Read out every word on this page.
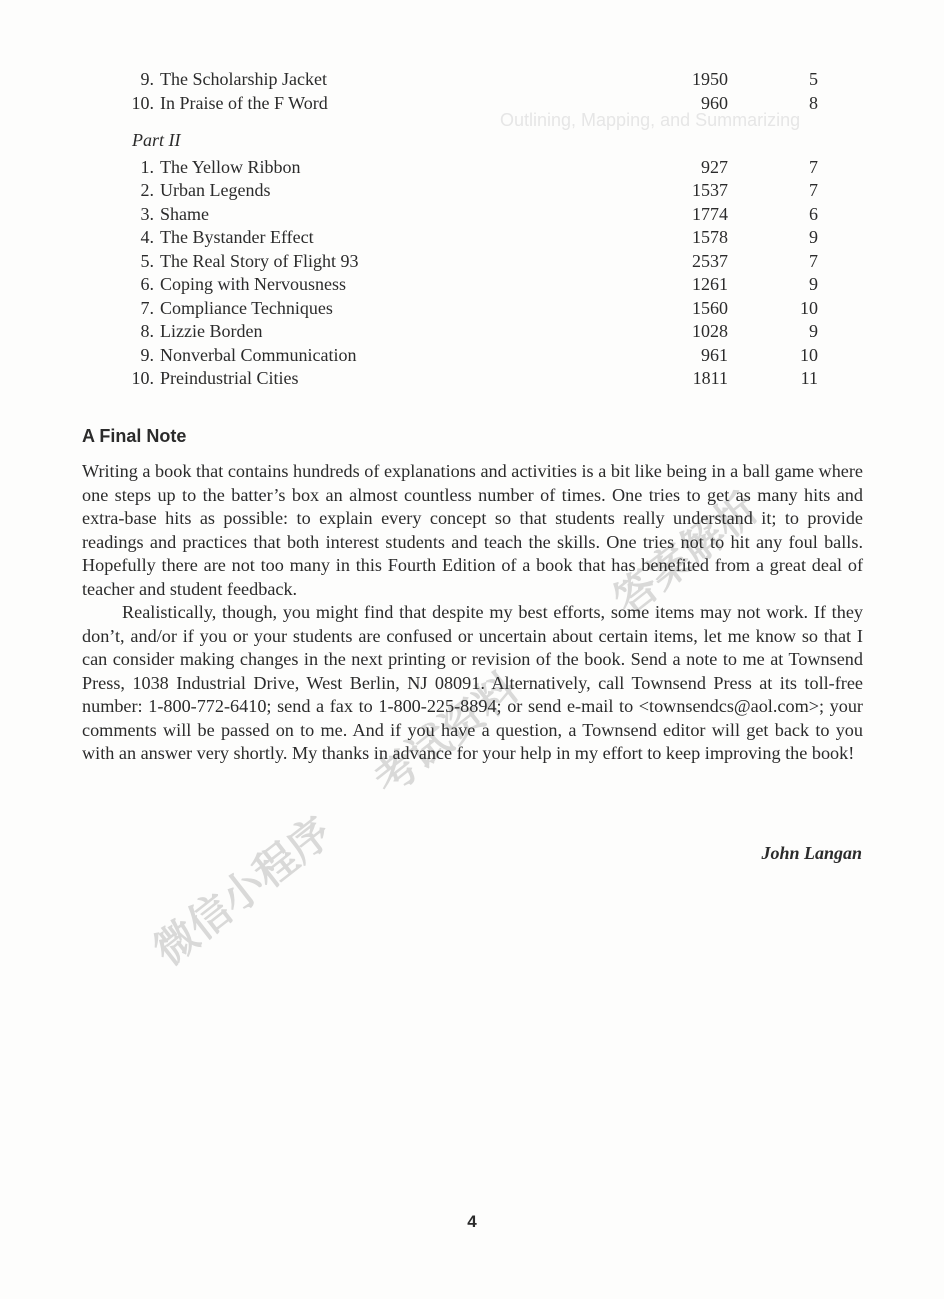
Outlining, Mapping, and Summarizing
微信小程序
考试资料
答案解析
9. The Scholarship Jacket	1950	5
10. In Praise of the F Word	960	8
Part II
1. The Yellow Ribbon	927	7
2. Urban Legends	1537	7
3. Shame	1774	6
4. The Bystander Effect	1578	9
5. The Real Story of Flight 93	2537	7
6. Coping with Nervousness	1261	9
7. Compliance Techniques	1560	10
8. Lizzie Borden	1028	9
9. Nonverbal Communication	961	10
10. Preindustrial Cities	1811	11
A Final Note

Writing a book that contains hundreds of explanations and activities is a bit like being in a ball game where one steps up to the batter’s box an almost countless number of times. One tries to get as many hits and extra-base hits as possible: to explain every concept so that students really understand it; to provide readings and practices that both interest students and teach the skills. One tries not to hit any foul balls. Hopefully there are not too many in this Fourth Edition of a book that has benefited from a great deal of teacher and student feedback.

Realistically, though, you might find that despite my best efforts, some items may not work. If they don’t, and/or if you or your students are confused or uncertain about certain items, let me know so that I can consider making changes in the next printing or revision of the book. Send a note to me at Townsend Press, 1038 Industrial Drive, West Berlin, NJ 08091. Alternatively, call Townsend Press at its toll-free number: 1-800-772-6410; send a fax to 1-800-225-8894; or send e-mail to <townsendcs@aol.com>; your comments will be passed on to me. And if you have a question, a Townsend editor will get back to you with an answer very shortly. My thanks in advance for your help in my effort to keep improving the book!

John Langan
4
